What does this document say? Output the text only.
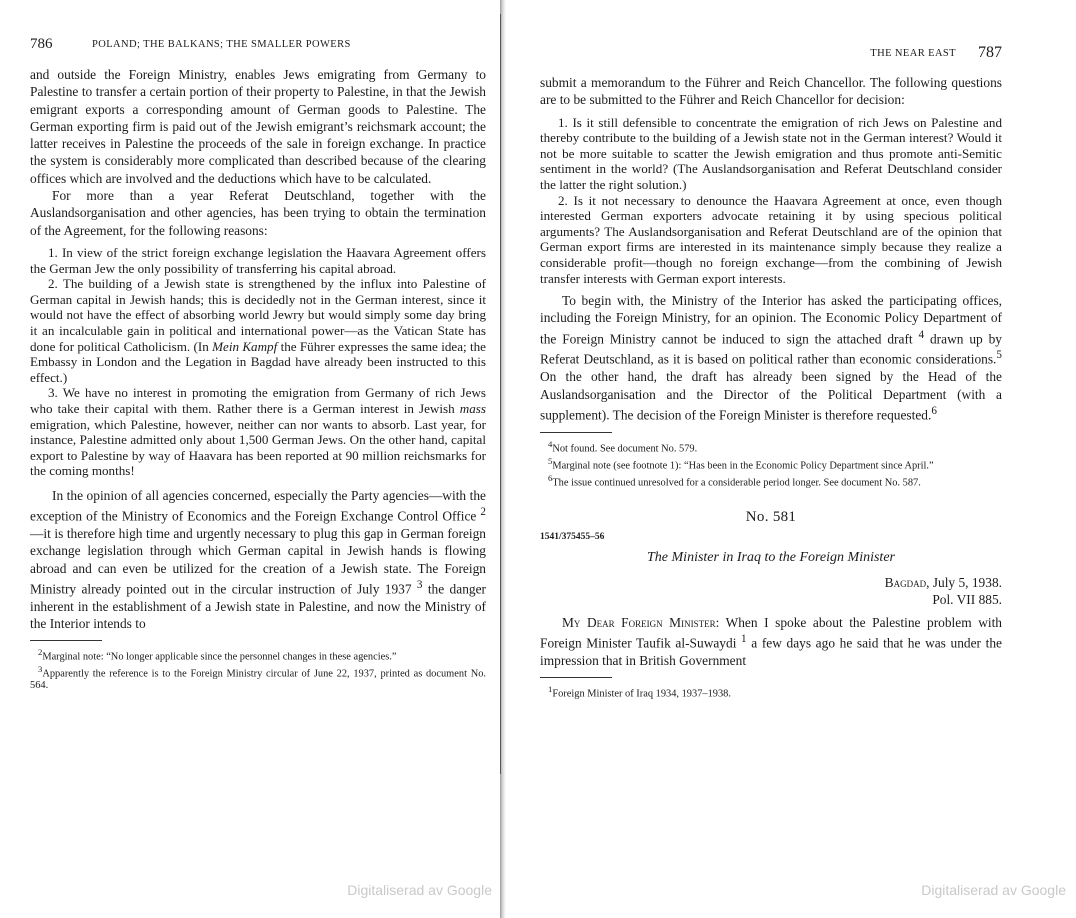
786	POLAND; THE BALKANS; THE SMALLER POWERS

and outside the Foreign Ministry, enables Jews emigrating from Germany to Palestine to transfer a certain portion of their property to Palestine, in that the Jewish emigrant exports a corresponding amount of German goods to Palestine. The German exporting firm is paid out of the Jewish emigrant’s reichsmark account; the latter receives in Palestine the proceeds of the sale in foreign exchange. In practice the system is considerably more complicated than described because of the clearing offices which are involved and the deductions which have to be calculated.

For more than a year Referat Deutschland, together with the Auslandsorganisation and other agencies, has been trying to obtain the termination of the Agreement, for the following reasons:

1. In view of the strict foreign exchange legislation the Haavara Agreement offers the German Jew the only possibility of transferring his capital abroad.

2. The building of a Jewish state is strengthened by the influx into Palestine of German capital in Jewish hands; this is decidedly not in the German interest, since it would not have the effect of absorbing world Jewry but would simply some day bring it an incalculable gain in political and international power—as the Vatican State has done for political Catholicism. (In Mein Kampf the Führer expresses the same idea; the Embassy in London and the Legation in Bagdad have already been instructed to this effect.)

3. We have no interest in promoting the emigration from Germany of rich Jews who take their capital with them. Rather there is a German interest in Jewish mass emigration, which Palestine, however, neither can nor wants to absorb. Last year, for instance, Palestine admitted only about 1,500 German Jews. On the other hand, capital export to Palestine by way of Haavara has been reported at 90 million reichsmarks for the coming months!

In the opinion of all agencies concerned, especially the Party agencies—with the exception of the Ministry of Economics and the Foreign Exchange Control Office $^2$—it is therefore high time and urgently necessary to plug this gap in German foreign exchange legislation through which German capital in Jewish hands is flowing abroad and can even be utilized for the creation of a Jewish state. The Foreign Ministry already pointed out in the circular instruction of July 1937 $^3$ the danger inherent in the establishment of a Jewish state in Palestine, and now the Ministry of the Interior intends to

$^2$Marginal note: “No longer applicable since the personnel changes in these agencies.”

$^3$Apparently the reference is to the Foreign Ministry circular of June 22, 1937, printed as document No. 564.

Digitaliserad av Google
THE NEAR EAST 787

submit a memorandum to the Führer and Reich Chancellor. The following questions are to be submitted to the Führer and Reich Chancellor for decision:

1. Is it still defensible to concentrate the emigration of rich Jews on Palestine and thereby contribute to the building of a Jewish state not in the German interest? Would it not be more suitable to scatter the Jewish emigration and thus promote anti-Semitic sentiment in the world? (The Auslandsorganisation and Referat Deutschland consider the latter the right solution.)

2. Is it not necessary to denounce the Haavara Agreement at once, even though interested German exporters advocate retaining it by using specious political arguments? The Auslandsorganisation and Referat Deutschland are of the opinion that German export firms are interested in its maintenance simply because they realize a considerable profit—though no foreign exchange—from the combining of Jewish transfer interests with German export interests.

To begin with, the Ministry of the Interior has asked the participating offices, including the Foreign Ministry, for an opinion. The Economic Policy Department of the Foreign Ministry cannot be induced to sign the attached draft $^4$ drawn up by Referat Deutschland, as it is based on political rather than economic considerations.$^5$ On the other hand, the draft has already been signed by the Head of the Auslandsorganisation and the Director of the Political Department (with a supplement). The decision of the Foreign Minister is therefore requested.$^6$

$^4$Not found. See document No. 579.

$^5$Marginal note (see footnote 1): “Has been in the Economic Policy Department since April.”

$^6$The issue continued unresolved for a considerable period longer. See document No. 587.

No. 581
1541/375455–56
The Minister in Iraq to the Foreign Minister
Bagdad, July 5, 1938.
Pol. VII 885.

My Dear Foreign Minister: When I spoke about the Palestine problem with Foreign Minister Taufik al-Suwaydi $^1$ a few days ago he said that he was under the impression that in British Government

$^1$Foreign Minister of Iraq 1934, 1937–1938.

Digitaliserad av Google
